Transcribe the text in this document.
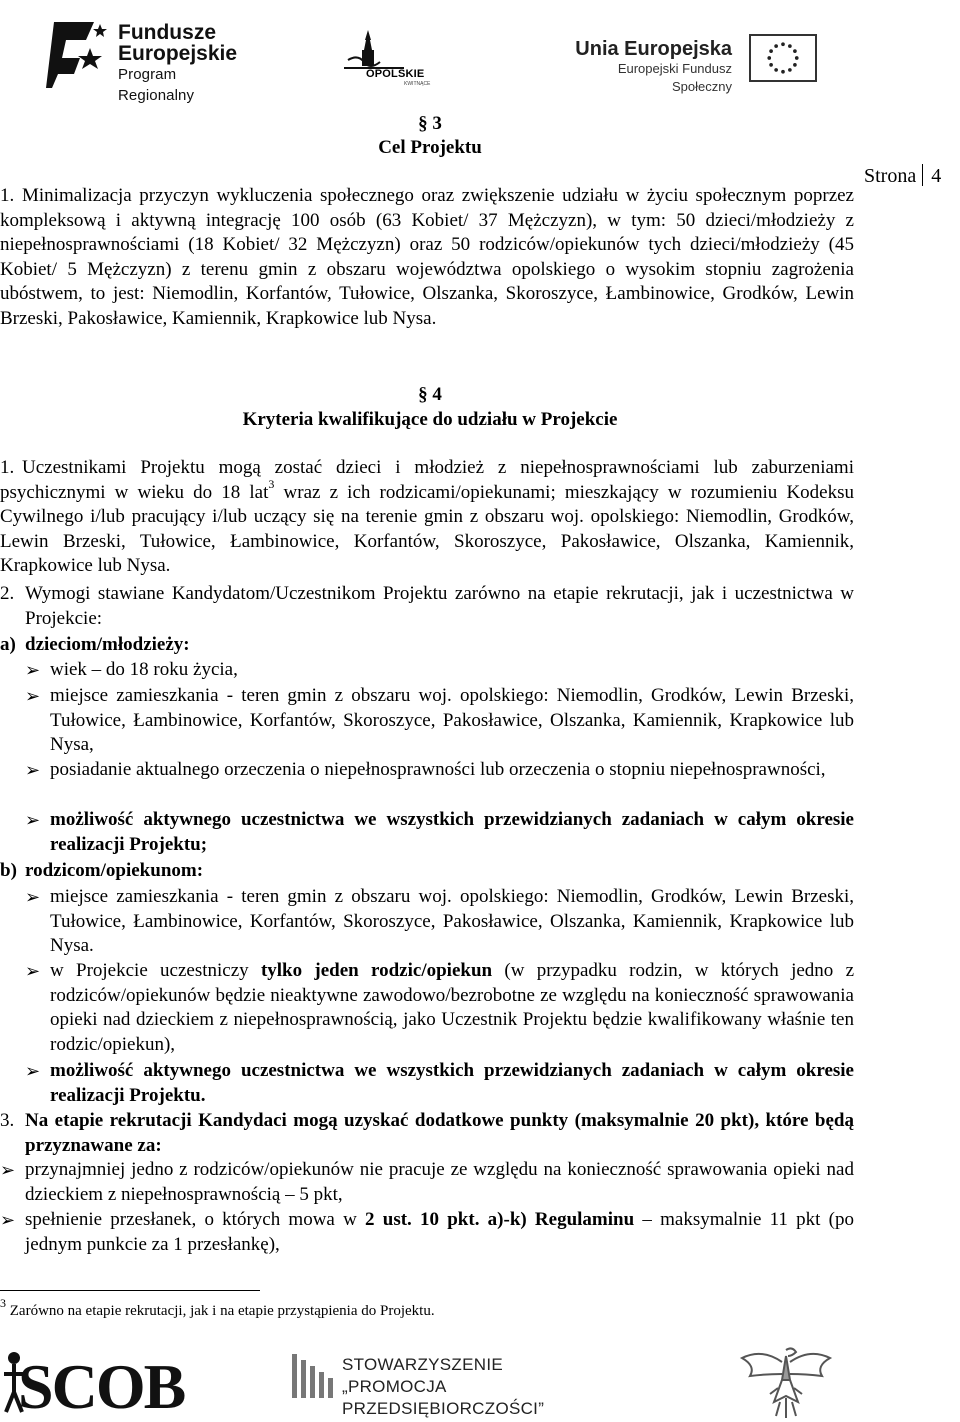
Fundusze
Europejskie
Program Regionalny
OPOLSKIE
KWITNĄCE
Unia Europejska
Europejski Fundusz Społeczny
Strona 4
§ 3
Cel Projektu
1. Minimalizacja przyczyn wykluczenia społecznego oraz zwiększenie udziału w życiu społecznym poprzez kompleksową i aktywną integrację 100 osób (63 Kobiet/ 37 Mężczyzn), w tym: 50 dzieci/młodzieży z niepełnosprawnościami (18 Kobiet/ 32 Mężczyzn) oraz 50 rodziców/opiekunów tych dzieci/młodzieży (45 Kobiet/ 5 Mężczyzn) z terenu gmin z obszaru województwa opolskiego o wysokim stopniu zagrożenia ubóstwem, to jest: Niemodlin, Korfantów, Tułowice, Olszanka, Skoroszyce, Łambinowice, Grodków, Lewin Brzeski, Pakosławice, Kamiennik, Krapkowice lub Nysa.
§ 4
Kryteria kwalifikujące do udziału w Projekcie
1. Uczestnikami Projektu mogą zostać dzieci i młodzież z niepełnosprawnościami lub zaburzeniami psychicznymi w wieku do 18 lat$^3$ wraz z ich rodzicami/opiekunami; mieszkający w rozumieniu Kodeksu Cywilnego i/lub pracujący i/lub uczący się na terenie gmin z obszaru woj. opolskiego: Niemodlin, Grodków, Lewin Brzeski, Tułowice, Łambinowice, Korfantów, Skoroszyce, Pakosławice, Olszanka, Kamiennik, Krapkowice lub Nysa.
2. Wymogi stawiane Kandydatom/Uczestnikom Projektu zarówno na etapie rekrutacji, jak i uczestnictwa w Projekcie:
a) dzieciom/młodzieży:
➢ wiek – do 18 roku życia,
➢ miejsce zamieszkania - teren gmin z obszaru woj. opolskiego: Niemodlin, Grodków, Lewin Brzeski, Tułowice, Łambinowice, Korfantów, Skoroszyce, Pakosławice, Olszanka, Kamiennik, Krapkowice lub Nysa,
➢ posiadanie aktualnego orzeczenia o niepełnosprawności lub orzeczenia o stopniu niepełnosprawności,
➢ możliwość aktywnego uczestnictwa we wszystkich przewidzianych zadaniach w całym okresie realizacji Projektu;
b) rodzicom/opiekunom:
➢ miejsce zamieszkania - teren gmin z obszaru woj. opolskiego: Niemodlin, Grodków, Lewin Brzeski, Tułowice, Łambinowice, Korfantów, Skoroszyce, Pakosławice, Olszanka, Kamiennik, Krapkowice lub Nysa.
➢ w Projekcie uczestniczy tylko jeden rodzic/opiekun (w przypadku rodzin, w których jedno z rodziców/opiekunów będzie nieaktywne zawodowo/bezrobotne ze względu na konieczność sprawowania opieki nad dzieckiem z niepełnosprawnością, jako Uczestnik Projektu będzie kwalifikowany właśnie ten rodzic/opiekun),
➢ możliwość aktywnego uczestnictwa we wszystkich przewidzianych zadaniach w całym okresie realizacji Projektu.
3. Na etapie rekrutacji Kandydaci mogą uzyskać dodatkowe punkty (maksymalnie 20 pkt), które będą przyznawane za:
➢ przynajmniej jedno z rodziców/opiekunów nie pracuje ze względu na konieczność sprawowania opieki nad dzieckiem z niepełnosprawnością – 5 pkt,
➢ spełnienie przesłanek, o których mowa w 2 ust. 10 pkt. a)-k) Regulaminu – maksymalnie 11 pkt (po jednym punkcie za 1 przesłankę),
$^3$ Zarówno na etapie rekrutacji, jak i na etapie przystąpienia do Projektu.
SCOB	STOWARZYSZENIE
„PROMOCJA PRZEDSIĘBIORCZOŚCI”
